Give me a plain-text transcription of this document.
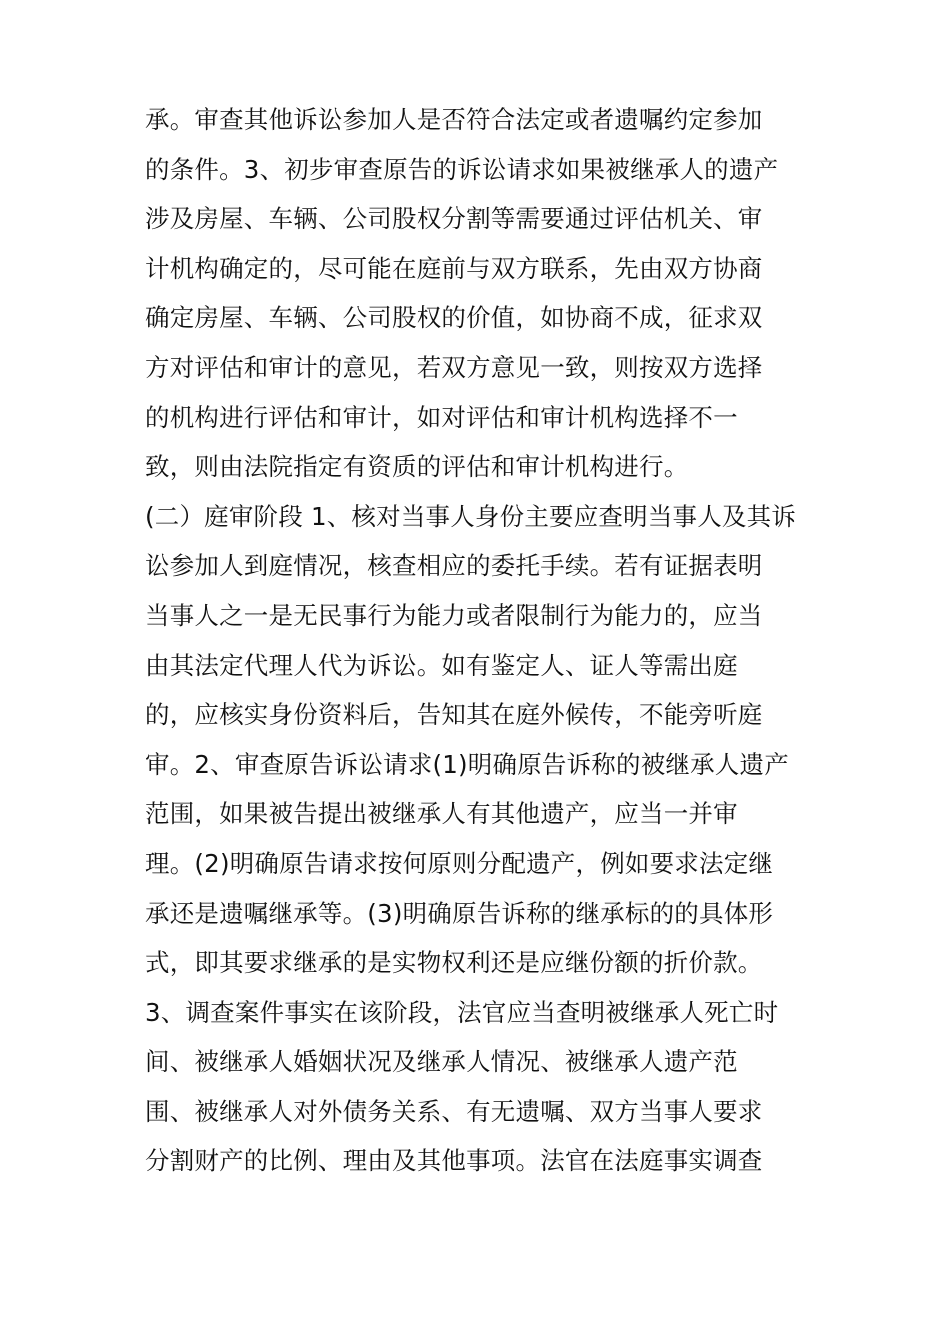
承。审查其他诉讼参加人是否符合法定或者遗嘱约定参加
的条件。3、初步审查原告的诉讼请求如果被继承人的遗产
涉及房屋、车辆、公司股权分割等需要通过评估机关、审
计机构确定的，尽可能在庭前与双方联系，先由双方协商
确定房屋、车辆、公司股权的价值，如协商不成，征求双
方对评估和审计的意见，若双方意见一致，则按双方选择
的机构进行评估和审计，如对评估和审计机构选择不一
致，则由法院指定有资质的评估和审计机构进行。
(二）庭审阶段 1、核对当事人身份主要应查明当事人及其诉
讼参加人到庭情况，核查相应的委托手续。若有证据表明
当事人之一是无民事行为能力或者限制行为能力的，应当
由其法定代理人代为诉讼。如有鉴定人、证人等需出庭
的，应核实身份资料后，告知其在庭外候传，不能旁听庭
审。2、审查原告诉讼请求(1)明确原告诉称的被继承人遗产
范围，如果被告提出被继承人有其他遗产，应当一并审
理。(2)明确原告请求按何原则分配遗产，例如要求法定继
承还是遗嘱继承等。(3)明确原告诉称的继承标的的具体形
式，即其要求继承的是实物权利还是应继份额的折价款。
3、调查案件事实在该阶段，法官应当查明被继承人死亡时
间、被继承人婚姻状况及继承人情况、被继承人遗产范
围、被继承人对外债务关系、有无遗嘱、双方当事人要求
分割财产的比例、理由及其他事项。法官在法庭事实调查
